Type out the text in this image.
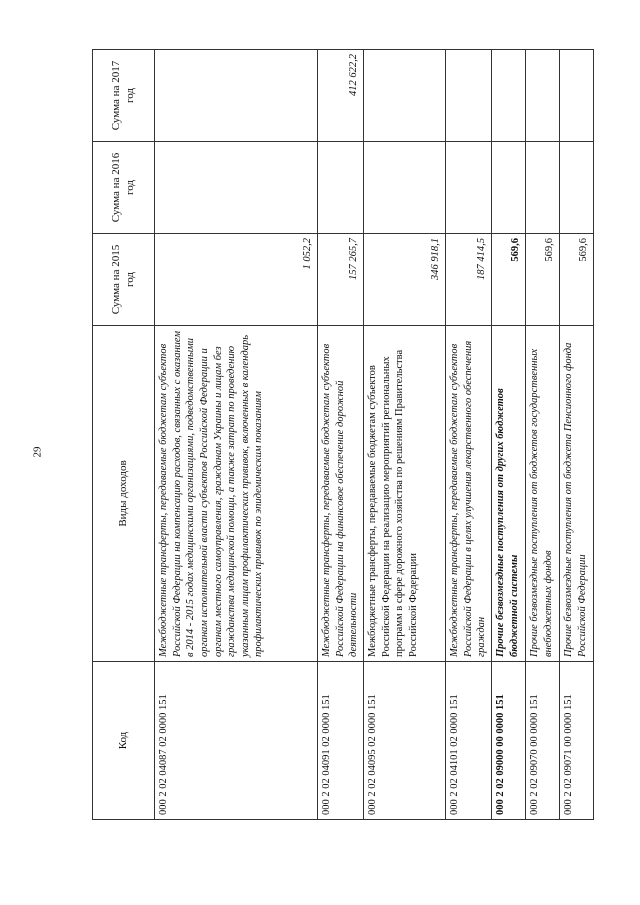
29
Код	Виды доходов	Сумма на 2015 год	Сумма на 2016 год	Сумма на 2017 год
000 2 02 04087 02 0000 151	Межбюджетные трансферты, передаваемые бюджетам субъектов Российской Федерации на компенсацию расходов, связанных с оказанием в 2014 - 2015 годах медицинскими организациями, подведомственными органам исполнительной власти субъектов Российской Федерации и органам местного самоуправления, гражданам Украины и лицам без гражданства медицинской помощи, а также затрат по проведению указанным лицам профилактических прививок, включенных в календарь профилактических прививок по эпидемическим показаниям	1 052,2		
000 2 02 04091 02 0000 151	Межбюджетные трансферты, передаваемые бюджетам субъектов Российской Федерации на финансовое обеспечение дорожной деятельности	157 265,7		412 622,2
000 2 02 04095 02 0000 151	Межбюджетные трансферты, передаваемые бюджетам субъектов Российской Федерации на реализацию мероприятий региональных программ в сфере дорожного хозяйства по решениям Правительства Российской Федерации	346 918,1		
000 2 02 04101 02 0000 151	Межбюджетные трансферты, передаваемые бюджетам субъектов Российской Федерации в целях улучшения лекарственного обеспечения граждан	187 414,5		
000 2 02 09000 00 0000 151	Прочие безвозмездные поступления от других бюджетов бюджетной системы	569,6		
000 2 02 09070 00 0000 151	Прочие безвозмездные поступления от бюджетов государственных внебюджетных фондов	569,6		
000 2 02 09071 00 0000 151	Прочие безвозмездные поступления от бюджета Пенсионного фонда Российской Федерации	569,6		
